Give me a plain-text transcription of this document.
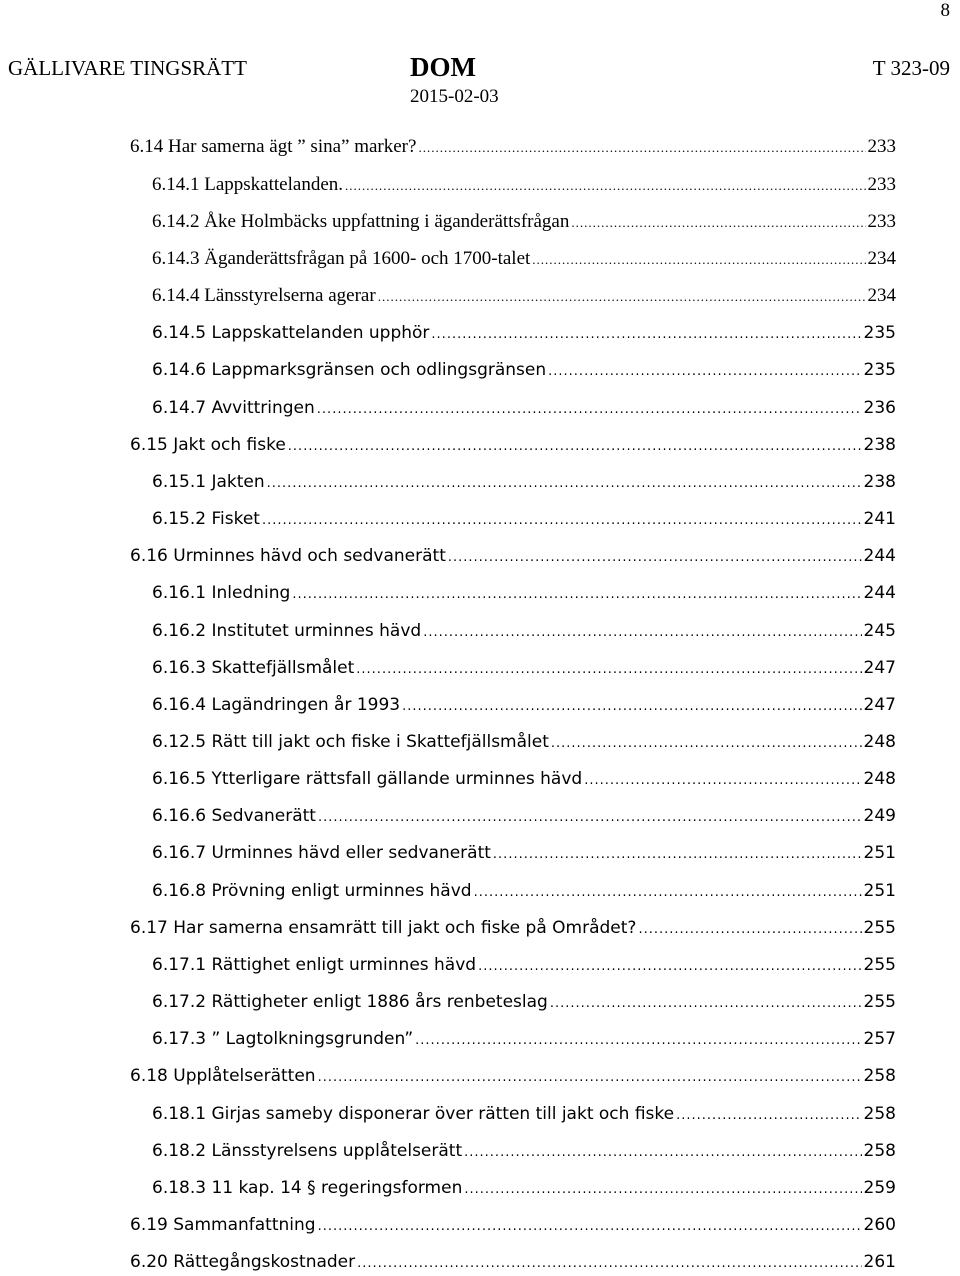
8
GÄLLIVARE TINGSRÄTT	DOM
2015-02-03
T 323-09
6.14 Har samerna ägt ” sina” marker? .....	233
6.14.1 Lappskattelanden. .....	233
6.14.2 Åke Holmbäcks uppfattning i äganderättsfrågan .....	233
6.14.3 Äganderättsfrågan på 1600- och 1700-talet .....	234
6.14.4 Länsstyrelserna agerar .....	234
6.14.5 Lappskattelanden upphör .....	235
6.14.6 Lappmarksgränsen och odlingsgränsen .....	235
6.14.7 Avvittringen .....	236
6.15 Jakt och fiske .....	238
6.15.1 Jakten .....	238
6.15.2 Fisket .....	241
6.16 Urminnes hävd och sedvanerätt .....	244
6.16.1 Inledning .....	244
6.16.2 Institutet urminnes hävd .....	245
6.16.3 Skattefjällsmålet .....	247
6.16.4 Lagändringen år 1993 .....	247
6.12.5 Rätt till jakt och fiske i Skattefjällsmålet .....	248
6.16.5 Ytterligare rättsfall gällande urminnes hävd .....	248
6.16.6 Sedvanerätt .....	249
6.16.7 Urminnes hävd eller sedvanerätt .....	251
6.16.8 Prövning enligt urminnes hävd .....	251
6.17 Har samerna ensamrätt till jakt och fiske på Området? .....	255
6.17.1 Rättighet enligt urminnes hävd .....	255
6.17.2 Rättigheter enligt 1886 års renbeteslag .....	255
6.17.3 ” Lagtolkningsgrunden” .....	257
6.18 Upplåtelserätten .....	258
6.18.1 Girjas sameby disponerar över rätten till jakt och fiske .....	258
6.18.2 Länsstyrelsens upplåtelserätt .....	258
6.18.3 11 kap. 14 § regeringsformen .....	259
6.19 Sammanfattning .....	260
6.20 Rättegångskostnader .....	261
